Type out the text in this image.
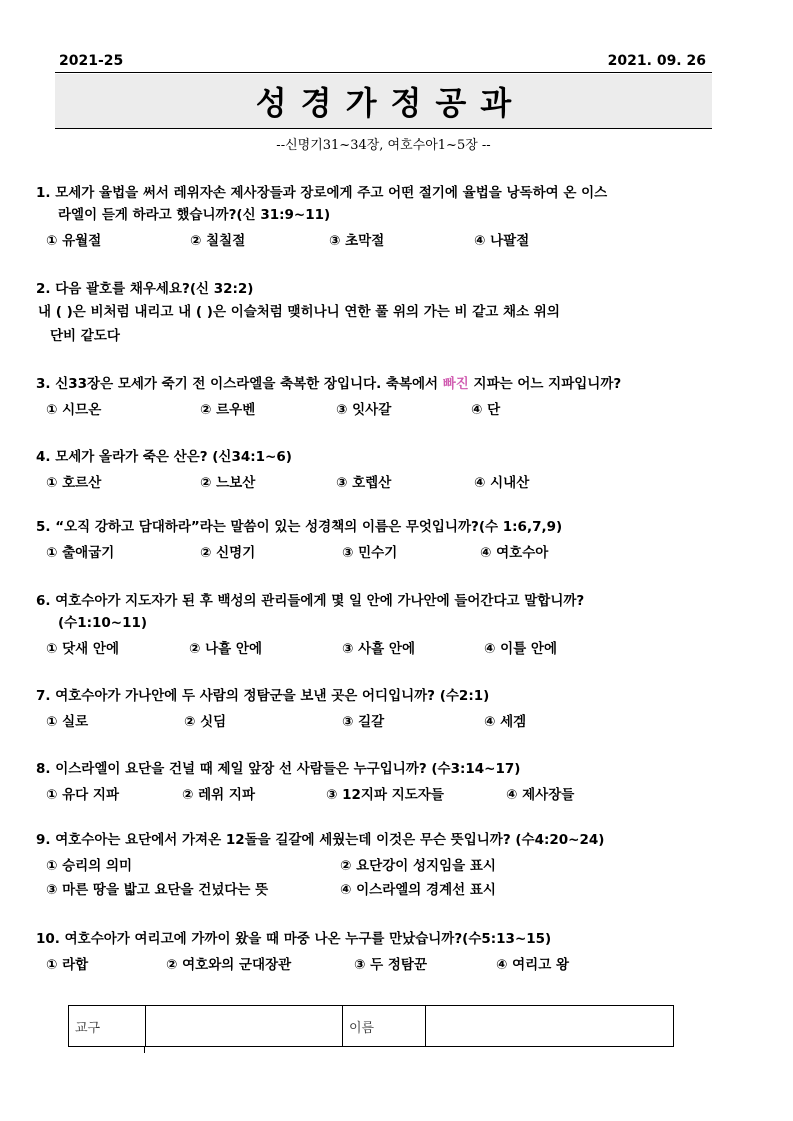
2021-25	2021. 09. 26
성경가정공과
--신명기31~34장, 여호수아1~5장 --
1. 모세가 율법을 써서 레위자손 제사장들과 장로에게 주고 어떤 절기에 율법을 낭독하여 온 이스
라엘이 듣게 하라고 했습니까?(신 31:9~11)
① 유월절	② 칠칠절	③ 초막절	④ 나팔절
2. 다음 괄호를 채우세요?(신 32:2)
내 ( )은 비처럼 내리고 내 ( )은 이슬처럼 맺히나니 연한 풀 위의 가는 비 같고 채소 위의
단비 같도다
3. 신33장은 모세가 죽기 전 이스라엘을 축복한 장입니다. 축복에서 빠진 지파는 어느 지파입니까?
① 시므온	② 르우벤	③ 잇사갈	④ 단
4. 모세가 올라가 죽은 산은? (신34:1~6)
① 호르산	② 느보산	③ 호렙산	④ 시내산
5. “오직 강하고 담대하라”라는 말씀이 있는 성경책의 이름은 무엇입니까?(수 1:6,7,9)
① 출애굽기	② 신명기	③ 민수기	④ 여호수아
6. 여호수아가 지도자가 된 후 백성의 관리들에게 몇 일 안에 가나안에 들어간다고 말합니까?
(수1:10~11)
① 닷새 안에	② 나흘 안에	③ 사흘 안에	④ 이틀 안에
7. 여호수아가 가나안에 두 사람의 정탐군을 보낸 곳은 어디입니까? (수2:1)
① 실로	② 싯딤	③ 길갈	④ 세겜
8. 이스라엘이 요단을 건널 때 제일 앞장 선 사람들은 누구입니까? (수3:14~17)
① 유다 지파	② 레위 지파	③ 12지파 지도자들	④ 제사장들
9. 여호수아는 요단에서 가져온 12돌을 길갈에 세웠는데 이것은 무슨 뜻입니까? (수4:20~24)
① 승리의 의미	② 요단강이 성지임을 표시
③ 마른 땅을 밟고 요단을 건넜다는 뜻	④ 이스라엘의 경계선 표시
10. 여호수아가 여리고에 가까이 왔을 때 마중 나온 누구를 만났습니까?(수5:13~15)
① 라합	② 여호와의 군대장관	③ 두 정탐꾼	④ 여리고 왕
교구		이름	
